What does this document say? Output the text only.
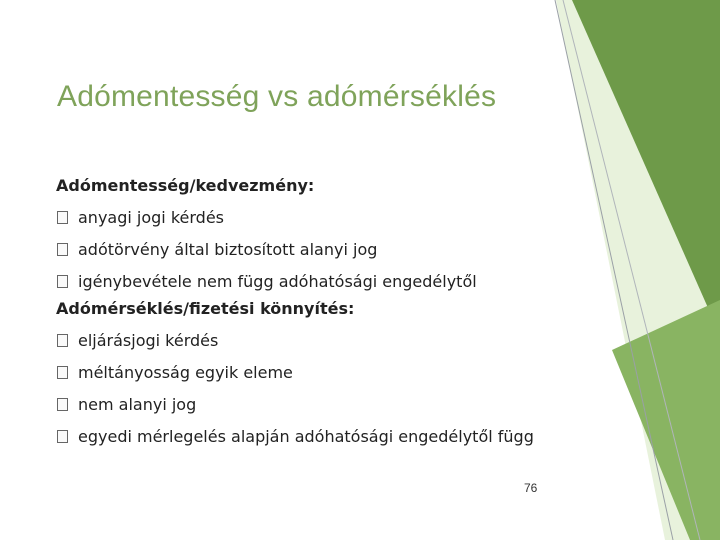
Adómentesség vs adómérséklés
Adómentesség/kedvezmény:
anyagi jogi kérdés
adótörvény által biztosított alanyi jog
igénybevétele nem függ adóhatósági engedélytől
Adómérséklés/fizetési könnyítés:
eljárásjogi kérdés
méltányosság egyik eleme
nem alanyi jog
egyedi mérlegelés alapján adóhatósági engedélytől függ
76
